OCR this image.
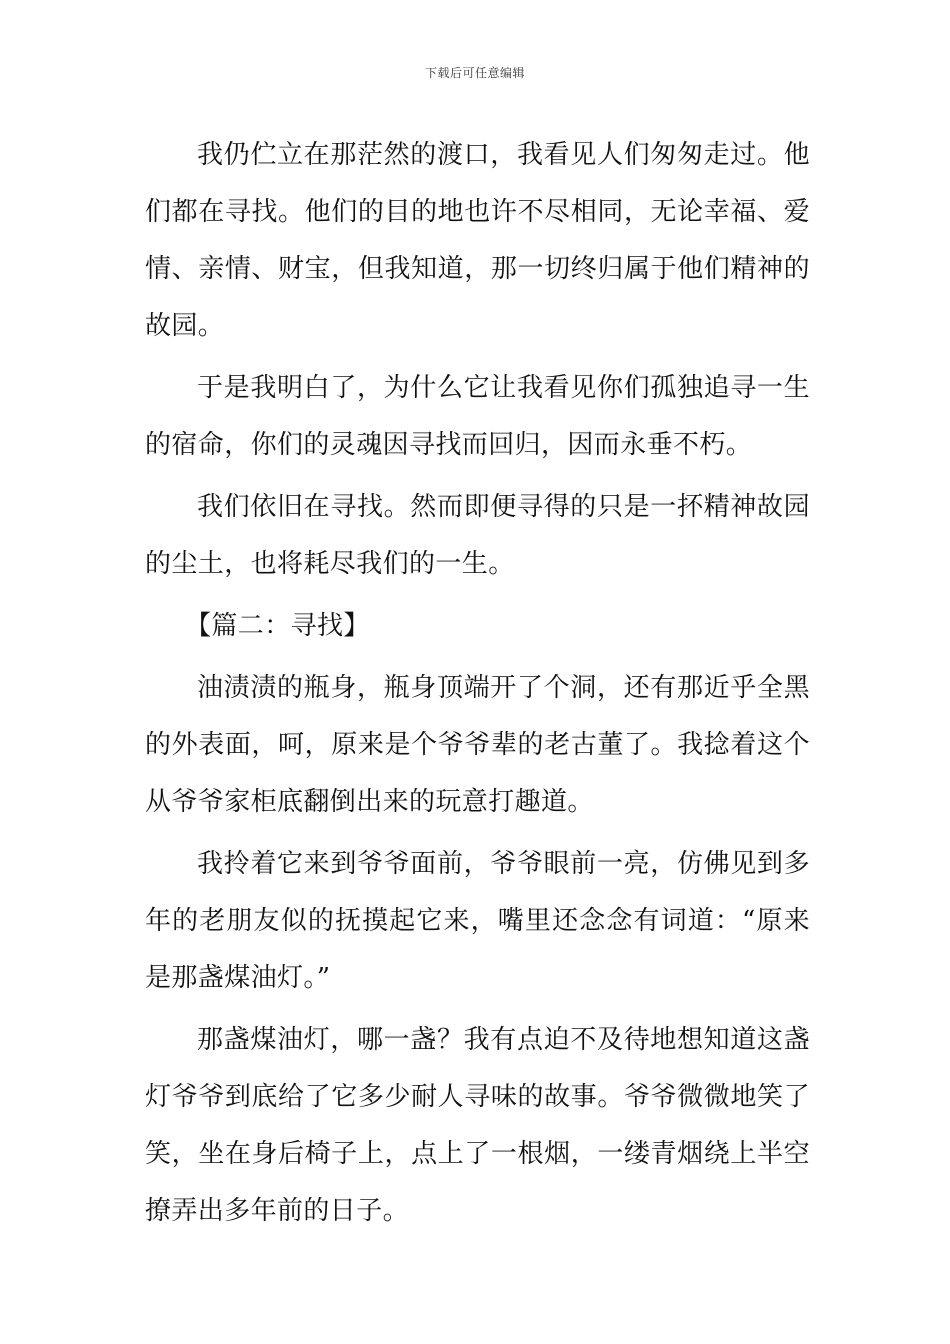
下载后可任意编辑

我仍伫立在那茫然的渡口，我看见人们匆匆走过。他们都在寻找。他们的目的地也许不尽相同，无论幸福、爱情、亲情、财宝，但我知道，那一切终归属于他们精神的故园。

于是我明白了，为什么它让我看见你们孤独追寻一生的宿命，你们的灵魂因寻找而回归，因而永垂不朽。

我们依旧在寻找。然而即便寻得的只是一抔精神故园的尘土，也将耗尽我们的一生。

【篇二：寻找】

油渍渍的瓶身，瓶身顶端开了个洞，还有那近乎全黑的外表面，呵，原来是个爷爷辈的老古董了。我捻着这个从爷爷家柜底翻倒出来的玩意打趣道。

我拎着它来到爷爷面前，爷爷眼前一亮，仿佛见到多年的老朋友似的抚摸起它来，嘴里还念念有词道：“原来是那盏煤油灯。”

那盏煤油灯，哪一盏？我有点迫不及待地想知道这盏灯爷爷到底给了它多少耐人寻味的故事。爷爷微微地笑了笑，坐在身后椅子上，点上了一根烟，一缕青烟绕上半空撩弄出多年前的日子。
